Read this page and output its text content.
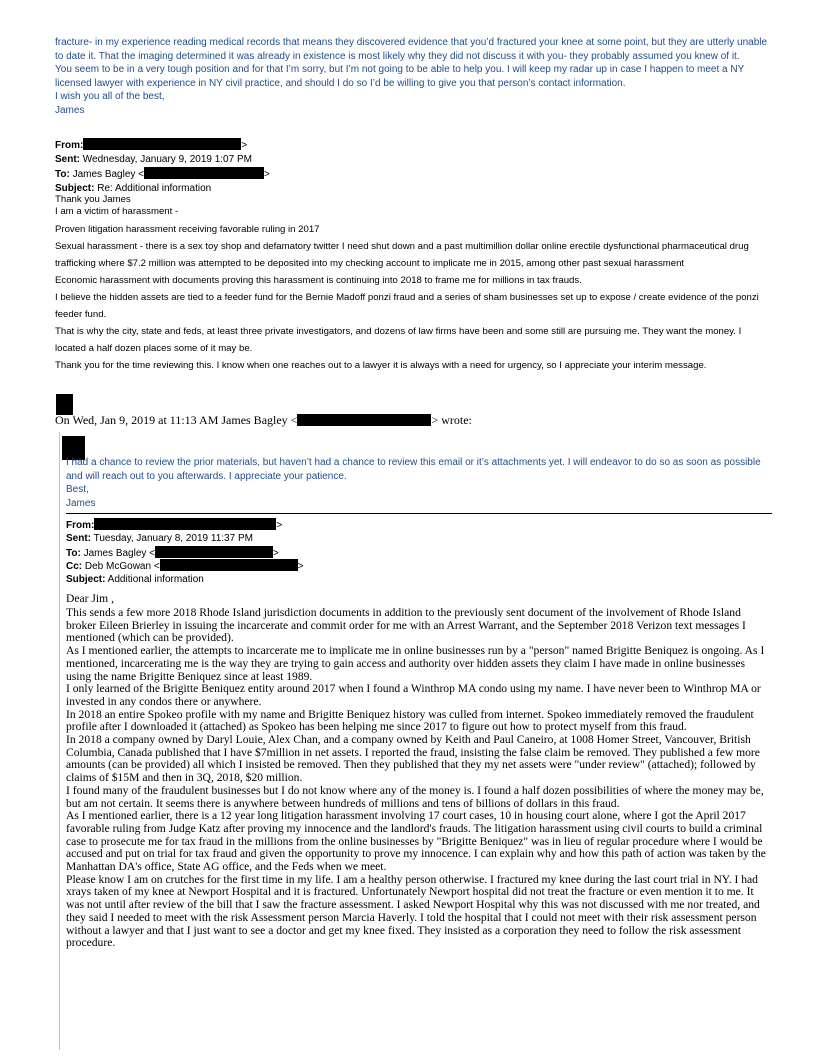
fracture- in my experience reading medical records that means they discovered evidence that you’d fractured your knee at some point, but they are utterly unable to date it. That the imaging determined it was already in existence is most likely why they did not discuss it with you- they probably assumed you knew of it.

You seem to be in a very tough position and for that I’m sorry, but I’m not going to be able to help you. I will keep my radar up in case I happen to meet a NY licensed lawyer with experience in NY civil practice, and should I do so I’d be willing to give you that person’s contact information.

I wish you all of the best,

James

From:	>
Sent: Wednesday, January 9, 2019 1:07 PM
To: James Bagley <	>
Subject: Re: Additional information

Thank you James

I am a victim of harassment -

Proven litigation harassment receiving favorable ruling in 2017

Sexual harassment - there is a sex toy shop and defamatory twitter I need shut down and a past multimillion dollar online erectile dysfunctional pharmaceutical drug trafficking where $7.2 million was attempted to be deposited into my checking account to implicate me in 2015, among other past sexual harassment

Economic harassment with documents proving this harassment is continuing into 2018 to frame me for millions in tax frauds.

I believe the hidden assets are tied to a feeder fund for the Bernie Madoff ponzi fraud and a series of sham businesses set up to expose / create evidence of the ponzi feeder fund.

That is why the city, state and feds, at least three private investigators, and dozens of law firms have been and some still are pursuing me. They want the money. I located a half dozen places some of it may be.

Thank you for the time reviewing this. I know when one reaches out to a lawyer it is always with a need for urgency, so I appreciate your interim message.

On Wed, Jan 9, 2019 at 11:13 AM James Bagley <	> wrote:

I had a chance to review the prior materials, but haven’t had a chance to review this email or it’s attachments yet. I will endeavor to do so as soon as possible and will reach out to you afterwards. I appreciate your patience.

Best,

James

From:	>
Sent: Tuesday, January 8, 2019 11:37 PM
To: James Bagley <	>
Cc: Deb McGowan <	>
Subject: Additional information

Dear Jim ,

This sends a few more 2018 Rhode Island jurisdiction documents in addition to the previously sent document of the involvement of Rhode Island broker Eileen Brierley in issuing the incarcerate and commit order for me with an Arrest Warrant, and the September 2018 Verizon text messages I mentioned (which can be provided).

As I mentioned earlier, the attempts to incarcerate me to implicate me in online businesses run by a "person" named Brigitte Beniquez is ongoing. As I mentioned, incarcerating me is the way they are trying to gain access and authority over hidden assets they claim I have made in online businesses using the name Brigitte Beniquez since at least 1989.

I only learned of the Brigitte Beniquez entity around 2017 when I found a Winthrop MA condo using my name. I have never been to Winthrop MA or invested in any condos there or anywhere.

In 2018 an entire Spokeo profile with my name and Brigitte Beniquez history was culled from internet. Spokeo immediately removed the fraudulent profile after I downloaded it (attached) as Spokeo has been helping me since 2017 to figure out how to protect myself from this fraud.

In 2018 a company owned by Daryl Louie, Alex Chan, and a company owned by Keith and Paul Caneiro, at 1008 Homer Street, Vancouver, British Columbia, Canada published that I have $7million in net assets. I reported the fraud, insisting the false claim be removed. They published a few more amounts (can be provided) all which I insisted be removed. Then they published that they my net assets were "under review" (attached); followed by claims of $15M and then in 3Q, 2018, $20 million.

I found many of the fraudulent businesses but I do not know where any of the money is. I found a half dozen possibilities of where the money may be, but am not certain. It seems there is anywhere between hundreds of millions and tens of billions of dollars in this fraud.

As I mentioned earlier, there is a 12 year long litigation harassment involving 17 court cases, 10 in housing court alone, where I got the April 2017 favorable ruling from Judge Katz after proving my innocence and the landlord's frauds. The litigation harassment using civil courts to build a criminal case to prosecute me for tax fraud in the millions from the online businesses by "Brigitte Beniquez" was in lieu of regular procedure where I would be accused and put on trial for tax fraud and given the opportunity to prove my innocence. I can explain why and how this path of action was taken by the Manhattan DA's office, State AG office, and the Feds when we meet.

Please know I am on crutches for the first time in my life. I am a healthy person otherwise. I fractured my knee during the last court trial in NY. I had xrays taken of my knee at Newport Hospital and it is fractured. Unfortunately Newport hospital did not treat the fracture or even mention it to me. It was not until after review of the bill that I saw the fracture assessment. I asked Newport Hospital why this was not discussed with me nor treated, and they said I needed to meet with the risk Assessment person Marcia Haverly. I told the hospital that I could not meet with their risk assessment person without a lawyer and that I just want to see a doctor and get my knee fixed. They insisted as a corporation they need to follow the risk assessment procedure.
